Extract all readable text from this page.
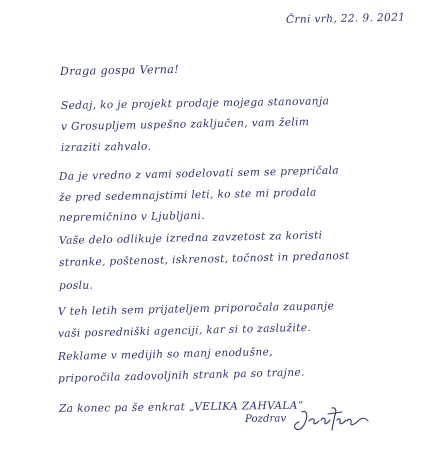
Črni vrh, 22. 9. 2021
Draga gospa Verna!
Sedaj, ko je projekt prodaje mojega stanovanja
v Grosupljem uspešno zaključen, vam želim
izraziti zahvalo.
Da je vredno z vami sodelovati sem se prepričala
že pred sedemnajstimi leti, ko ste mi prodala
nepremičnino v Ljubljani.
Vaše delo odlikuje izredna zavzetost za koristi
stranke, poštenost, iskrenost, točnost in predanost
poslu.
V teh letih sem prijateljem priporočala zaupanje
vaši posredniški agenciji, kar si to zaslužite.
Reklame v medijih so manj enodušne,
priporočila zadovoljnih strank pa so trajne.
Za konec pa še enkrat „VELIKA ZAHVALA“
Pozdrav
